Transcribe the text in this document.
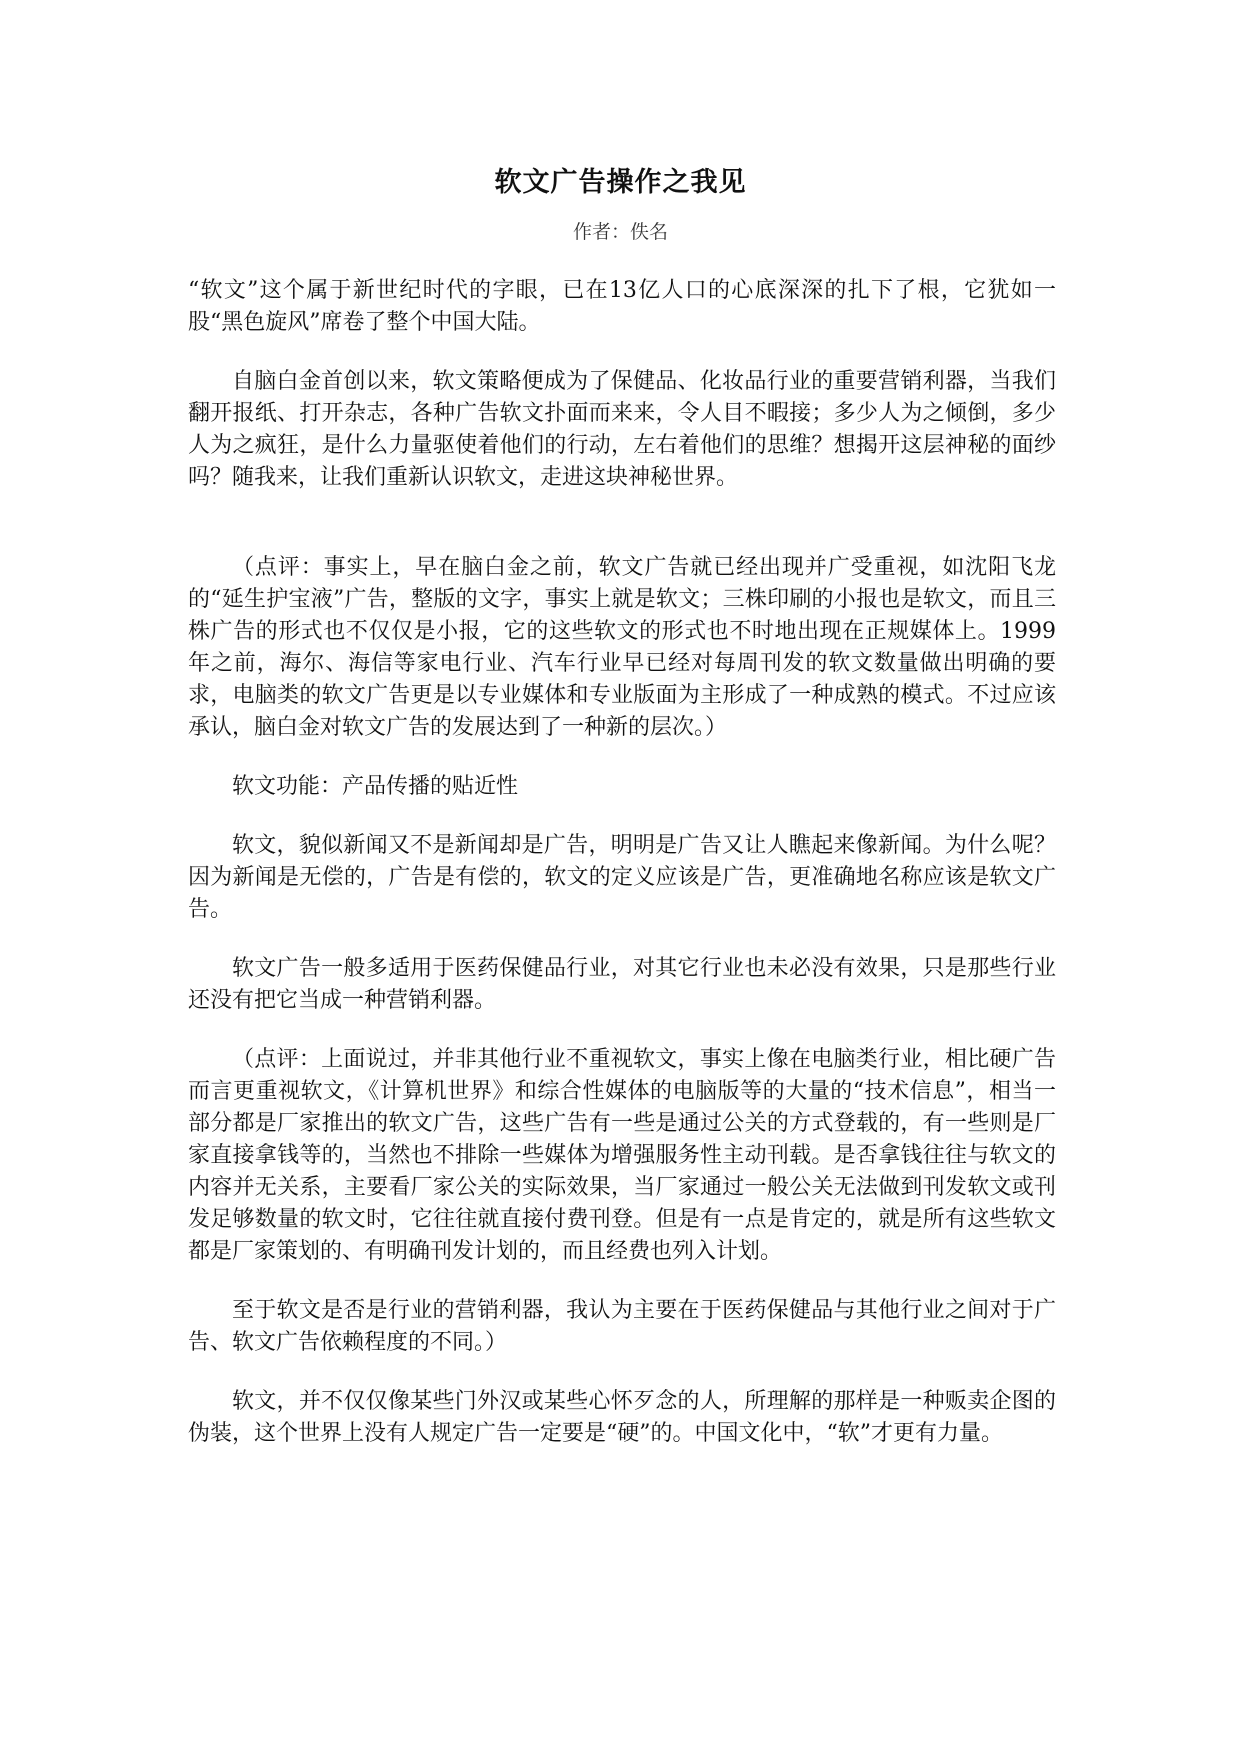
软文广告操作之我见

作者：佚名

“软文”这个属于新世纪时代的字眼，已在13亿人口的心底深深的扎下了根，它犹如一股“黑色旋风”席卷了整个中国大陆。

自脑白金首创以来，软文策略便成为了保健品、化妆品行业的重要营销利器，当我们翻开报纸、打开杂志，各种广告软文扑面而来来，令人目不暇接；多少人为之倾倒，多少人为之疯狂，是什么力量驱使着他们的行动，左右着他们的思维？想揭开这层神秘的面纱吗？随我来，让我们重新认识软文，走进这块神秘世界。

（点评：事实上，早在脑白金之前，软文广告就已经出现并广受重视，如沈阳飞龙的“延生护宝液”广告，整版的文字，事实上就是软文；三株印刷的小报也是软文，而且三株广告的形式也不仅仅是小报，它的这些软文的形式也不时地出现在正规媒体上。1999年之前，海尔、海信等家电行业、汽车行业早已经对每周刊发的软文数量做出明确的要求，电脑类的软文广告更是以专业媒体和专业版面为主形成了一种成熟的模式。不过应该承认，脑白金对软文广告的发展达到了一种新的层次。）

软文功能：产品传播的贴近性

软文，貌似新闻又不是新闻却是广告，明明是广告又让人瞧起来像新闻。为什么呢？因为新闻是无偿的，广告是有偿的，软文的定义应该是广告，更准确地名称应该是软文广告。

软文广告一般多适用于医药保健品行业，对其它行业也未必没有效果，只是那些行业还没有把它当成一种营销利器。

（点评：上面说过，并非其他行业不重视软文，事实上像在电脑类行业，相比硬广告而言更重视软文，《计算机世界》和综合性媒体的电脑版等的大量的“技术信息”，相当一部分都是厂家推出的软文广告，这些广告有一些是通过公关的方式登载的，有一些则是厂家直接拿钱等的，当然也不排除一些媒体为增强服务性主动刊载。是否拿钱往往与软文的内容并无关系，主要看厂家公关的实际效果，当厂家通过一般公关无法做到刊发软文或刊发足够数量的软文时，它往往就直接付费刊登。但是有一点是肯定的，就是所有这些软文都是厂家策划的、有明确刊发计划的，而且经费也列入计划。

至于软文是否是行业的营销利器，我认为主要在于医药保健品与其他行业之间对于广告、软文广告依赖程度的不同。）

软文，并不仅仅像某些门外汉或某些心怀歹念的人，所理解的那样是一种贩卖企图的伪装，这个世界上没有人规定广告一定要是“硬”的。中国文化中，“软”才更有力量。
